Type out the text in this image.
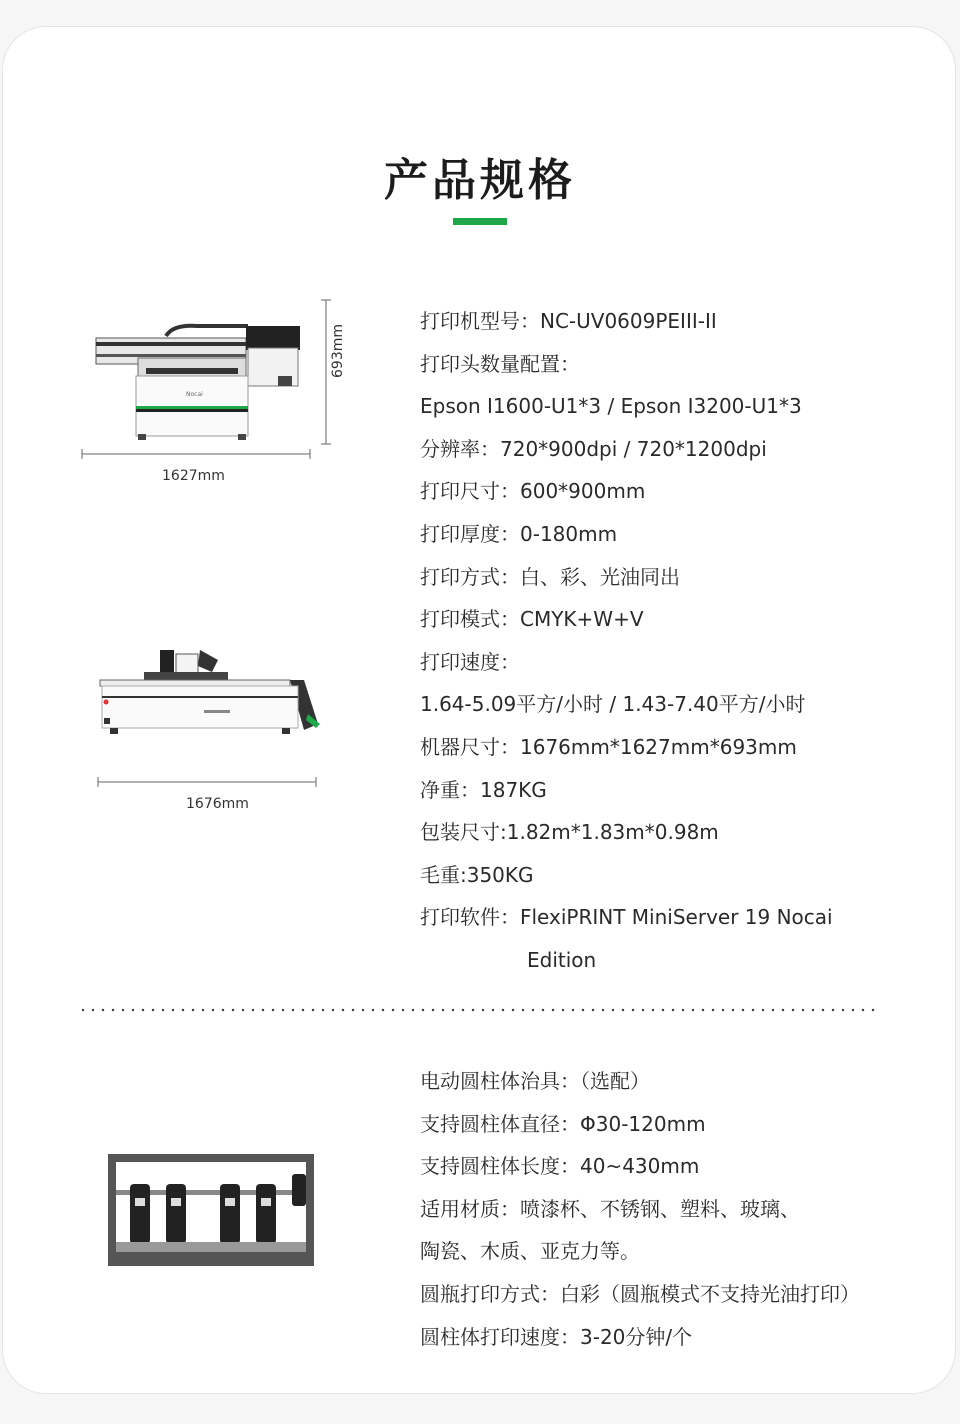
产品规格
Nocai
1627mm
693mm
1676mm
打印机型号：NC-UV0609PEIII-II
打印头数量配置：
Epson I1600-U1*3 / Epson I3200-U1*3
分辨率：720*900dpi / 720*1200dpi
打印尺寸：600*900mm
打印厚度：0-180mm
打印方式：白、彩、光油同出
打印模式：CMYK+W+V
打印速度：
1.64-5.09平方/小时 / 1.43-7.40平方/小时
机器尺寸：1676mm*1627mm*693mm
净重：187KG
包装尺寸:1.82m*1.83m*0.98m
毛重:350KG
打印软件：FlexiPRINT MiniServer 19 Nocai
Edition
电动圆柱体治具：（选配）
支持圆柱体直径：Φ30-120mm
支持圆柱体长度：40~430mm
适用材质：喷漆杯、不锈钢、塑料、玻璃、
陶瓷、木质、亚克力等。
圆瓶打印方式：白彩（圆瓶模式不支持光油打印）
圆柱体打印速度：3-20分钟/个
